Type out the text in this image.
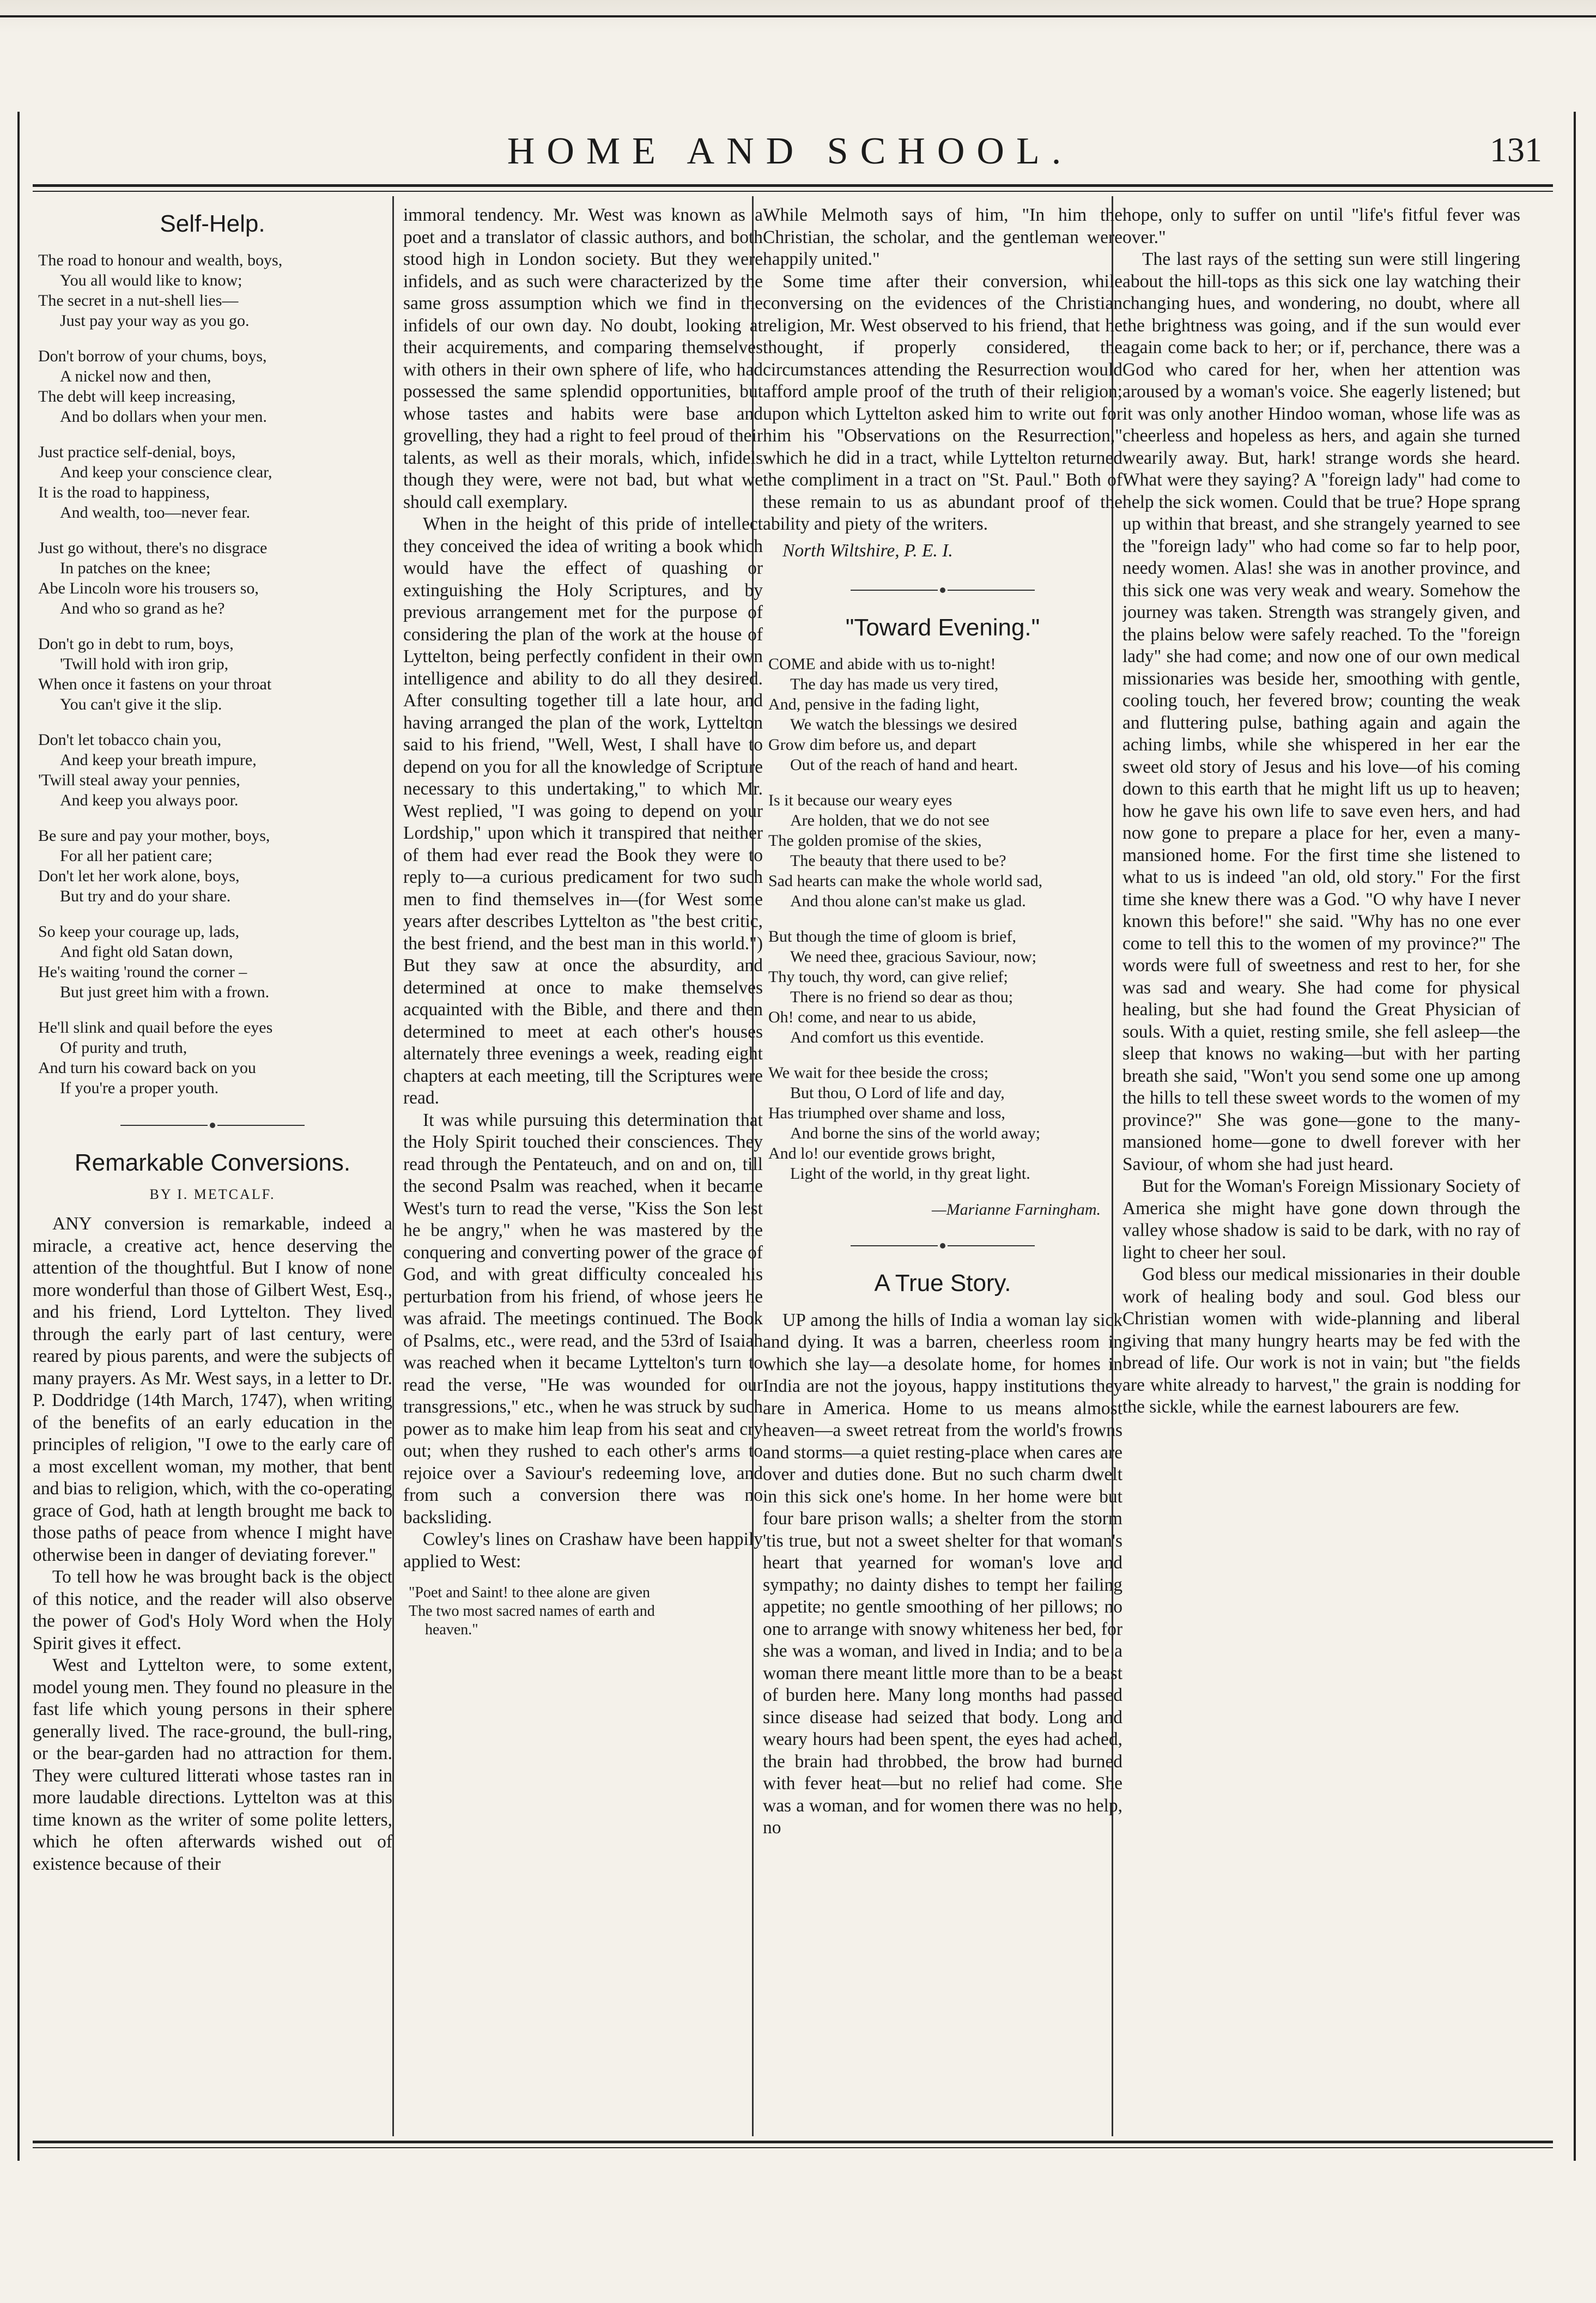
HOME AND SCHOOL.	131
Self-Help.
The road to honour and wealth, boys,
You all would like to know;
The secret in a nut-shell lies—
Just pay your way as you go.
Don't borrow of your chums, boys,
A nickel now and then,
The debt will keep increasing,
And bo dollars when your men.
Just practice self-denial, boys,
And keep your conscience clear,
It is the road to happiness,
And wealth, too—never fear.
Just go without, there's no disgrace
In patches on the knee;
Abe Lincoln wore his trousers so,
And who so grand as he?
Don't go in debt to rum, boys,
'Twill hold with iron grip,
When once it fastens on your throat
You can't give it the slip.
Don't let tobacco chain you,
And keep your breath impure,
'Twill steal away your pennies,
And keep you always poor.
Be sure and pay your mother, boys,
For all her patient care;
Don't let her work alone, boys,
But try and do your share.
So keep your courage up, lads,
And fight old Satan down,
He's waiting 'round the corner –
But just greet him with a frown.
He'll slink and quail before the eyes
Of purity and truth,
And turn his coward back on you
If you're a proper youth.
Remarkable Conversions.
BY I. METCALF.

ANY conversion is remarkable, indeed a miracle, a creative act, hence deserving the attention of the thoughtful. But I know of none more wonderful than those of Gilbert West, Esq., and his friend, Lord Lyttelton. They lived through the early part of last century, were reared by pious parents, and were the subjects of many prayers. As Mr. West says, in a letter to Dr. P. Doddridge (14th March, 1747), when writing of the benefits of an early education in the principles of religion, "I owe to the early care of a most excellent woman, my mother, that bent and bias to religion, which, with the co-operating grace of God, hath at length brought me back to those paths of peace from whence I might have otherwise been in danger of deviating forever."

To tell how he was brought back is the object of this notice, and the reader will also observe the power of God's Holy Word when the Holy Spirit gives it effect.

West and Lyttelton were, to some extent, model young men. They found no pleasure in the fast life which young persons in their sphere generally lived. The race-ground, the bull-ring, or the bear-garden had no attraction for them. They were cultured litterati whose tastes ran in more laudable directions. Lyttelton was at this time known as the writer of some polite letters, which he often afterwards wished out of existence because of their

immoral tendency. Mr. West was known as a poet and a translator of classic authors, and both stood high in London society. But they were infidels, and as such were characterized by the same gross assumption which we find in the infidels of our own day. No doubt, looking at their acquirements, and comparing themselves with others in their own sphere of life, who had possessed the same splendid opportunities, but whose tastes and habits were base and grovelling, they had a right to feel proud of their talents, as well as their morals, which, infidels though they were, were not bad, but what we should call exemplary.

When in the height of this pride of intellect they conceived the idea of writing a book which would have the effect of quashing or extinguishing the Holy Scriptures, and by previous arrangement met for the purpose of considering the plan of the work at the house of Lyttelton, being perfectly confident in their own intelligence and ability to do all they desired. After consulting together till a late hour, and having arranged the plan of the work, Lyttelton said to his friend, "Well, West, I shall have to depend on you for all the knowledge of Scripture necessary to this undertaking," to which Mr. West replied, "I was going to depend on your Lordship," upon which it transpired that neither of them had ever read the Book they were to reply to—a curious predicament for two such men to find themselves in—(for West some years after describes Lyttelton as "the best critic, the best friend, and the best man in this world.") But they saw at once the absurdity, and determined at once to make themselves acquainted with the Bible, and there and then determined to meet at each other's houses alternately three evenings a week, reading eight chapters at each meeting, till the Scriptures were read.

It was while pursuing this determination that the Holy Spirit touched their consciences. They read through the Pentateuch, and on and on, till the second Psalm was reached, when it became West's turn to read the verse, "Kiss the Son lest he be angry," when he was mastered by the conquering and converting power of the grace of God, and with great difficulty concealed his perturbation from his friend, of whose jeers he was afraid. The meetings continued. The Book of Psalms, etc., were read, and the 53rd of Isaiah was reached when it became Lyttelton's turn to read the verse, "He was wounded for our transgressions," etc., when he was struck by such power as to make him leap from his seat and cry out; when they rushed to each other's arms to rejoice over a Saviour's redeeming love, and from such a conversion there was no backsliding.

Cowley's lines on Crashaw have been happily applied to West:

"Poet and Saint! to thee alone are given
The two most sacred names of earth and
heaven."

While Melmoth says of him, "In him the Christian, the scholar, and the gentleman were happily united."

Some time after their conversion, while conversing on the evidences of the Christian religion, Mr. West observed to his friend, that he thought, if properly considered, the circumstances attending the Resurrection would afford ample proof of the truth of their religion; upon which Lyttelton asked him to write out for him his "Observations on the Resurrection," which he did in a tract, while Lyttelton returned the compliment in a tract on "St. Paul." Both of these remain to us as abundant proof of the ability and piety of the writers.

North Wiltshire, P. E. I.
"Toward Evening."
COME and abide with us to-night!
The day has made us very tired,
And, pensive in the fading light,
We watch the blessings we desired
Grow dim before us, and depart
Out of the reach of hand and heart.
Is it because our weary eyes
Are holden, that we do not see
The golden promise of the skies,
The beauty that there used to be?
Sad hearts can make the whole world sad,
And thou alone can'st make us glad.
But though the time of gloom is brief,
We need thee, gracious Saviour, now;
Thy touch, thy word, can give relief;
There is no friend so dear as thou;
Oh! come, and near to us abide,
And comfort us this eventide.
We wait for thee beside the cross;
But thou, O Lord of life and day,
Has triumphed over shame and loss,
And borne the sins of the world away;
And lo! our eventide grows bright,
Light of the world, in thy great light.
—Marianne Farningham.
A True Story.

UP among the hills of India a woman lay sick and dying. It was a barren, cheerless room in which she lay—a desolate home, for homes in India are not the joyous, happy institutions they are in America. Home to us means almost heaven—a sweet retreat from the world's frowns and storms—a quiet resting-place when cares are over and duties done. But no such charm dwelt in this sick one's home. In her home were but four bare prison walls; a shelter from the storm 'tis true, but not a sweet shelter for that woman's heart that yearned for woman's love and sympathy; no dainty dishes to tempt her failing appetite; no gentle smoothing of her pillows; no one to arrange with snowy whiteness her bed, for she was a woman, and lived in India; and to be a woman there meant little more than to be a beast of burden here. Many long months had passed since disease had seized that body. Long and weary hours had been spent, the eyes had ached, the brain had throbbed, the brow had burned with fever heat—but no relief had come. She was a woman, and for women there was no help, no

hope, only to suffer on until "life's fitful fever was over."

The last rays of the setting sun were still lingering about the hill-tops as this sick one lay watching their changing hues, and wondering, no doubt, where all the brightness was going, and if the sun would ever again come back to her; or if, perchance, there was a God who cared for her, when her attention was aroused by a woman's voice. She eagerly listened; but it was only another Hindoo woman, whose life was as cheerless and hopeless as hers, and again she turned wearily away. But, hark! strange words she heard. What were they saying? A "foreign lady" had come to help the sick women. Could that be true? Hope sprang up within that breast, and she strangely yearned to see the "foreign lady" who had come so far to help poor, needy women. Alas! she was in another province, and this sick one was very weak and weary. Somehow the journey was taken. Strength was strangely given, and the plains below were safely reached. To the "foreign lady" she had come; and now one of our own medical missionaries was beside her, smoothing with gentle, cooling touch, her fevered brow; counting the weak and fluttering pulse, bathing again and again the aching limbs, while she whispered in her ear the sweet old story of Jesus and his love—of his coming down to this earth that he might lift us up to heaven; how he gave his own life to save even hers, and had now gone to prepare a place for her, even a many-mansioned home. For the first time she listened to what to us is indeed "an old, old story." For the first time she knew there was a God. "O why have I never known this before!" she said. "Why has no one ever come to tell this to the women of my province?" The words were full of sweetness and rest to her, for she was sad and weary. She had come for physical healing, but she had found the Great Physician of souls. With a quiet, resting smile, she fell asleep—the sleep that knows no waking—but with her parting breath she said, "Won't you send some one up among the hills to tell these sweet words to the women of my province?" She was gone—gone to the many-mansioned home—gone to dwell forever with her Saviour, of whom she had just heard.

But for the Woman's Foreign Missionary Society of America she might have gone down through the valley whose shadow is said to be dark, with no ray of light to cheer her soul.

God bless our medical missionaries in their double work of healing body and soul. God bless our Christian women with wide-planning and liberal giving that many hungry hearts may be fed with the bread of life. Our work is not in vain; but "the fields are white already to harvest," the grain is nodding for the sickle, while the earnest labourers are few.
